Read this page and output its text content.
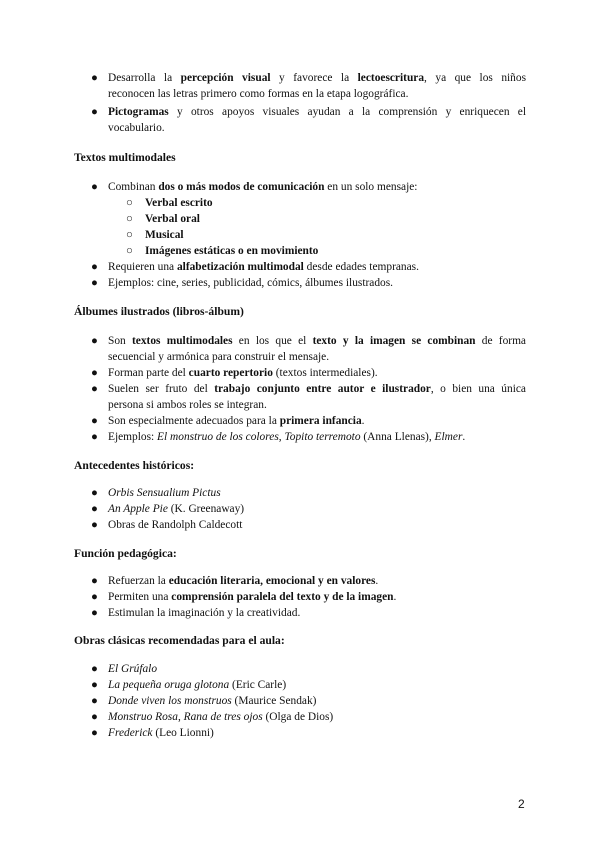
● Desarrolla la percepción visual y favorece la lectoescritura, ya que los niños
reconocen las letras primero como formas en la etapa logográfica.
● Pictogramas y otros apoyos visuales ayudan a la comprensión y enriquecen el
vocabulario.
Textos multimodales
● Combinan dos o más modos de comunicación en un solo mensaje:
○ Verbal escrito
○ Verbal oral
○ Musical
○ Imágenes estáticas o en movimiento
● Requieren una alfabetización multimodal desde edades tempranas.
● Ejemplos: cine, series, publicidad, cómics, álbumes ilustrados.
Álbumes ilustrados (libros-álbum)
● Son textos multimodales en los que el texto y la imagen se combinan de forma
secuencial y armónica para construir el mensaje.
● Forman parte del cuarto repertorio (textos intermediales).
● Suelen ser fruto del trabajo conjunto entre autor e ilustrador, o bien una única
persona si ambos roles se integran.
● Son especialmente adecuados para la primera infancia.
● Ejemplos: El monstruo de los colores, Topito terremoto (Anna Llenas), Elmer.
Antecedentes históricos:
● Orbis Sensualium Pictus
● An Apple Pie (K. Greenaway)
● Obras de Randolph Caldecott
Función pedagógica:
● Refuerzan la educación literaria, emocional y en valores.
● Permiten una comprensión paralela del texto y de la imagen.
● Estimulan la imaginación y la creatividad.
Obras clásicas recomendadas para el aula:
● El Grúfalo
● La pequeña oruga glotona (Eric Carle)
● Donde viven los monstruos (Maurice Sendak)
● Monstruo Rosa, Rana de tres ojos (Olga de Dios)
● Frederick (Leo Lionni)
2
